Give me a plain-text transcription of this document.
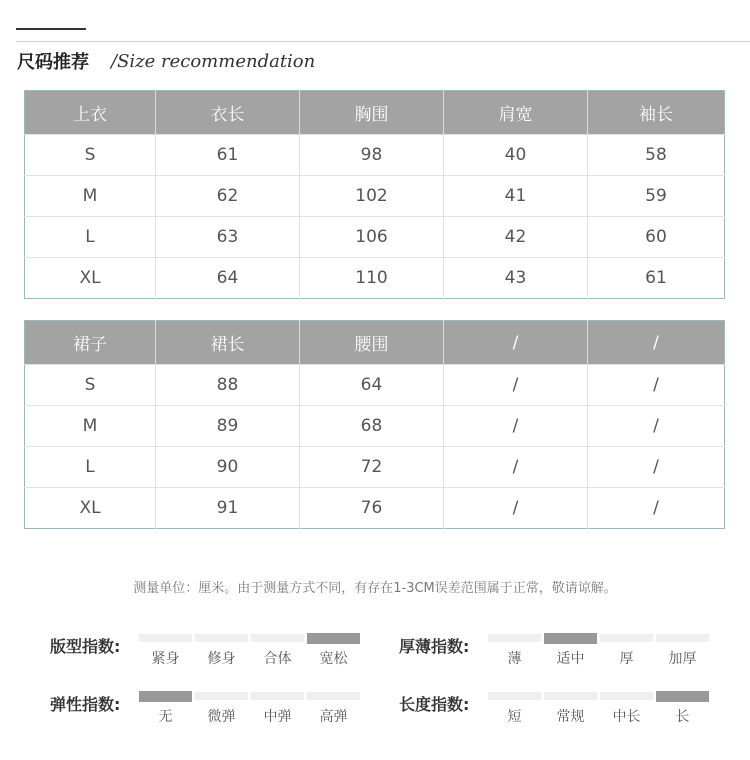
尺码推荐 /Size recommendation
上衣	衣长	胸围	肩宽	袖长
S	61	98	40	58
M	62	102	41	59
L	63	106	42	60
XL	64	110	43	61
裙子	裙长	腰围	/	/
S	88	64	/	/
M	89	68	/	/
L	90	72	/	/
XL	91	76	/	/
测量单位：厘米。由于测量方式不同，有存在1-3CM误差范围属于正常，敬请谅解。
版型指数:
紧身 修身 合体 宽松
厚薄指数:
薄	适中	厚	加厚
弹性指数:
无	微弹 中弹 高弹
长度指数:
短	常规 中长	长
